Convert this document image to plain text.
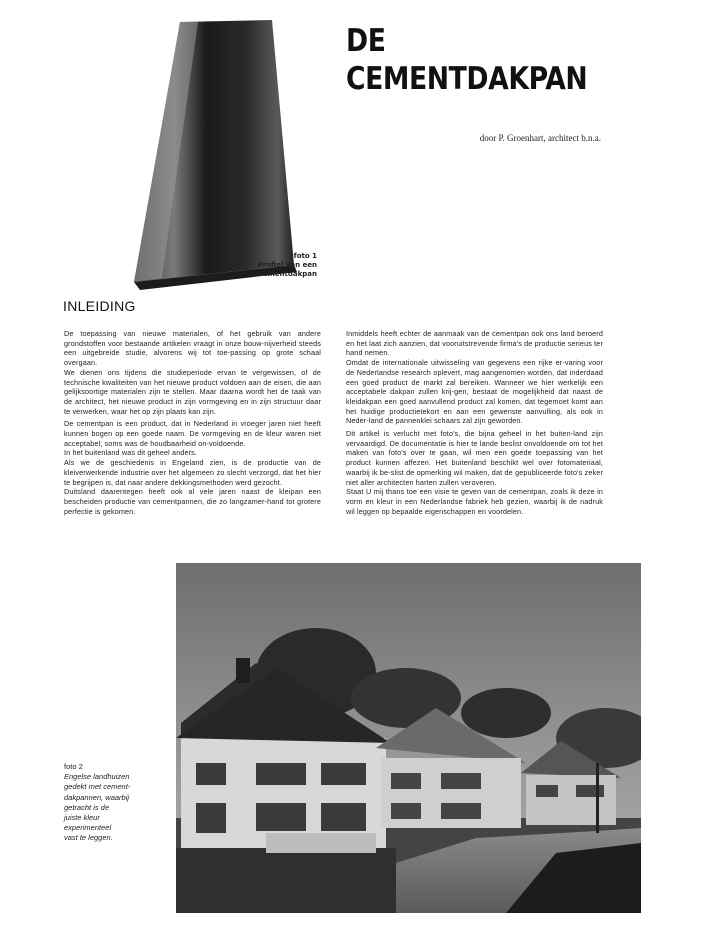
foto 1
Profiel van een
cementdakpan
DE
CEMENTDAKPAN
door P. Groenhart, architect b.n.a.
INLEIDING

De toepassing van nieuwe materialen, of het gebruik van andere grondstoffen voor bestaande artikelen vraagt in onze bouw-nijverheid steeds een uitgebreide studie, alvorens wij tot toe-passing op grote schaal overgaan.
We dienen ons tijdens die studieperiode ervan te vergewissen, of de technische kwaliteiten van het nieuwe product voldoen aan de eisen, die aan gelijksoortige materialen zijn te stellen. Maar daarna wordt het de taak van de architect, het nieuwe product in zijn vormgeving en in zijn structuur daar te verwerken, waar het op zijn plaats kan zijn.

De cementpan is een product, dat in Nederland in vroeger jaren niet heeft kunnen bogen op een goede naam. De vormgeving en de kleur waren niet acceptabel; soms was de houdbaarheid on-voldoende.
In het buitenland was dit geheel anders.
Als we de geschiedenis in Engeland zien, is de productie van de kleiverwerkende industrie over het algemeen zo slecht verzorgd, dat het hier te begrijpen is, dat naar andere dekkingsmethoden werd gezocht.
Duitsland daarentegen heeft ook al vele jaren naast de kleipan een bescheiden productie van cementpannen, die zo langzamer-hand tot grotere perfectie is gekomen.

Inmiddels heeft echter de aanmaak van de cementpan ook ons land beroerd en het laat zich aanzien, dat vooruitstrevende firma's de productie serieus ter hand nemen.
Omdat de internationale uitwisseling van gegevens een rijke er-varing voor de Nederlandse research oplevert, mag aangenomen worden, dat inderdaad een goed product de markt zal bereiken. Wanneer we hier werkelijk een acceptabele dakpan zullen krij-gen, bestaat de mogelijkheid dat naast de kleidakpan een goed aanvullend product zal komen, dat tegemoet komt aan het huidige productietekort en aan een gewenste aanvulling, als ook in Neder-land de pannenklei schaars zal zijn geworden.

Dit artikel is verlucht met foto's, die bijna geheel in het buiten-land zijn vervaardigd. De documentatie is hier te lande beslist onvoldoende om tot het maken van foto's over te gaan, wil men een goede toepassing van het product kunnen affezen. Het buitenland beschikt wel over fotomateriaal, waarbij ik be-slist de opmerking wil maken, dat de gepubliceerde foto's zeker niet aller architecten harten zullen veroveren.
Staat U mij thans toe een visie te geven van de cementpan, zoals ik deze in vorm en kleur in een Nederlandse fabriek heb gezien, waarbij ik de nadruk wil leggen op bepaalde eigenschappen en voordelen.

foto 2
Engelse landhuizen
gedekt met cement-
dakpannen, waarbij
getracht is de
juiste kleur
experimenteel
vast te leggen.
